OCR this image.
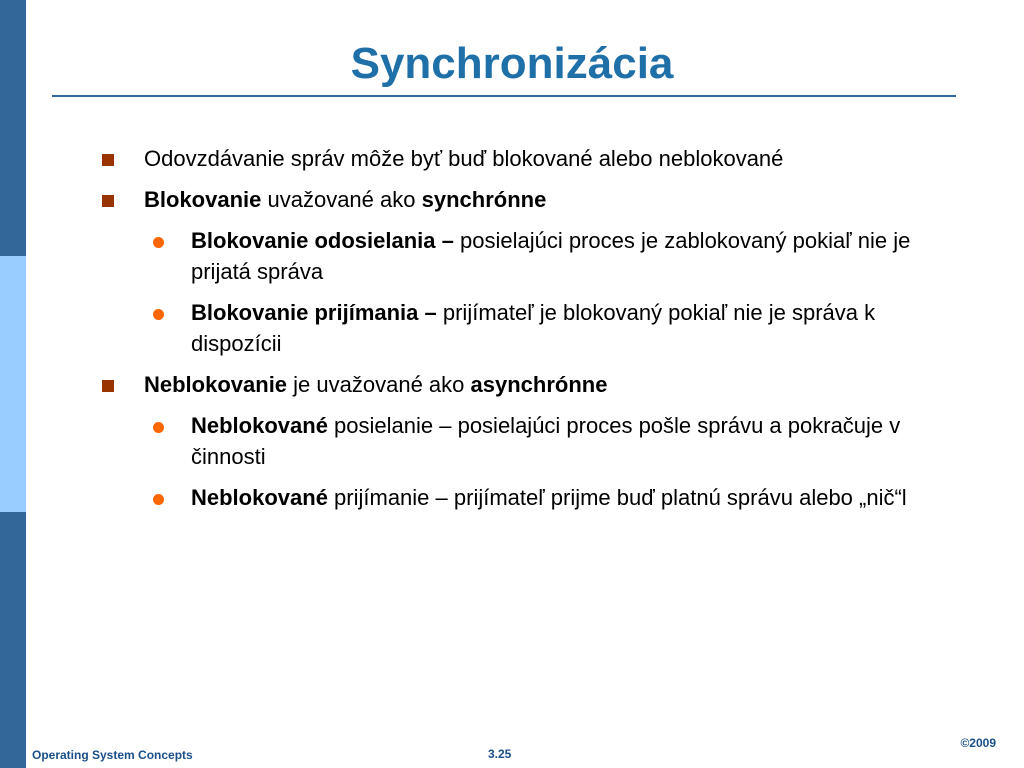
Synchronizácia
Odovzdávanie správ môže byť buď blokované alebo neblokované
Blokovanie uvažované ako synchrónne
Blokovanie odosielania – posielajúci proces je zablokovaný pokiaľ nie je prijatá správa
Blokovanie prijímania – prijímateľ je blokovaný pokiaľ nie je správa k dispozícii
Neblokovanie je uvažované ako asynchrónne
Neblokované posielanie – posielajúci proces pošle správu a pokračuje v činnosti
Neblokované prijímanie – prijímateľ prijme buď platnú správu alebo „nič“l
Operating System Concepts	3.25
©2009
